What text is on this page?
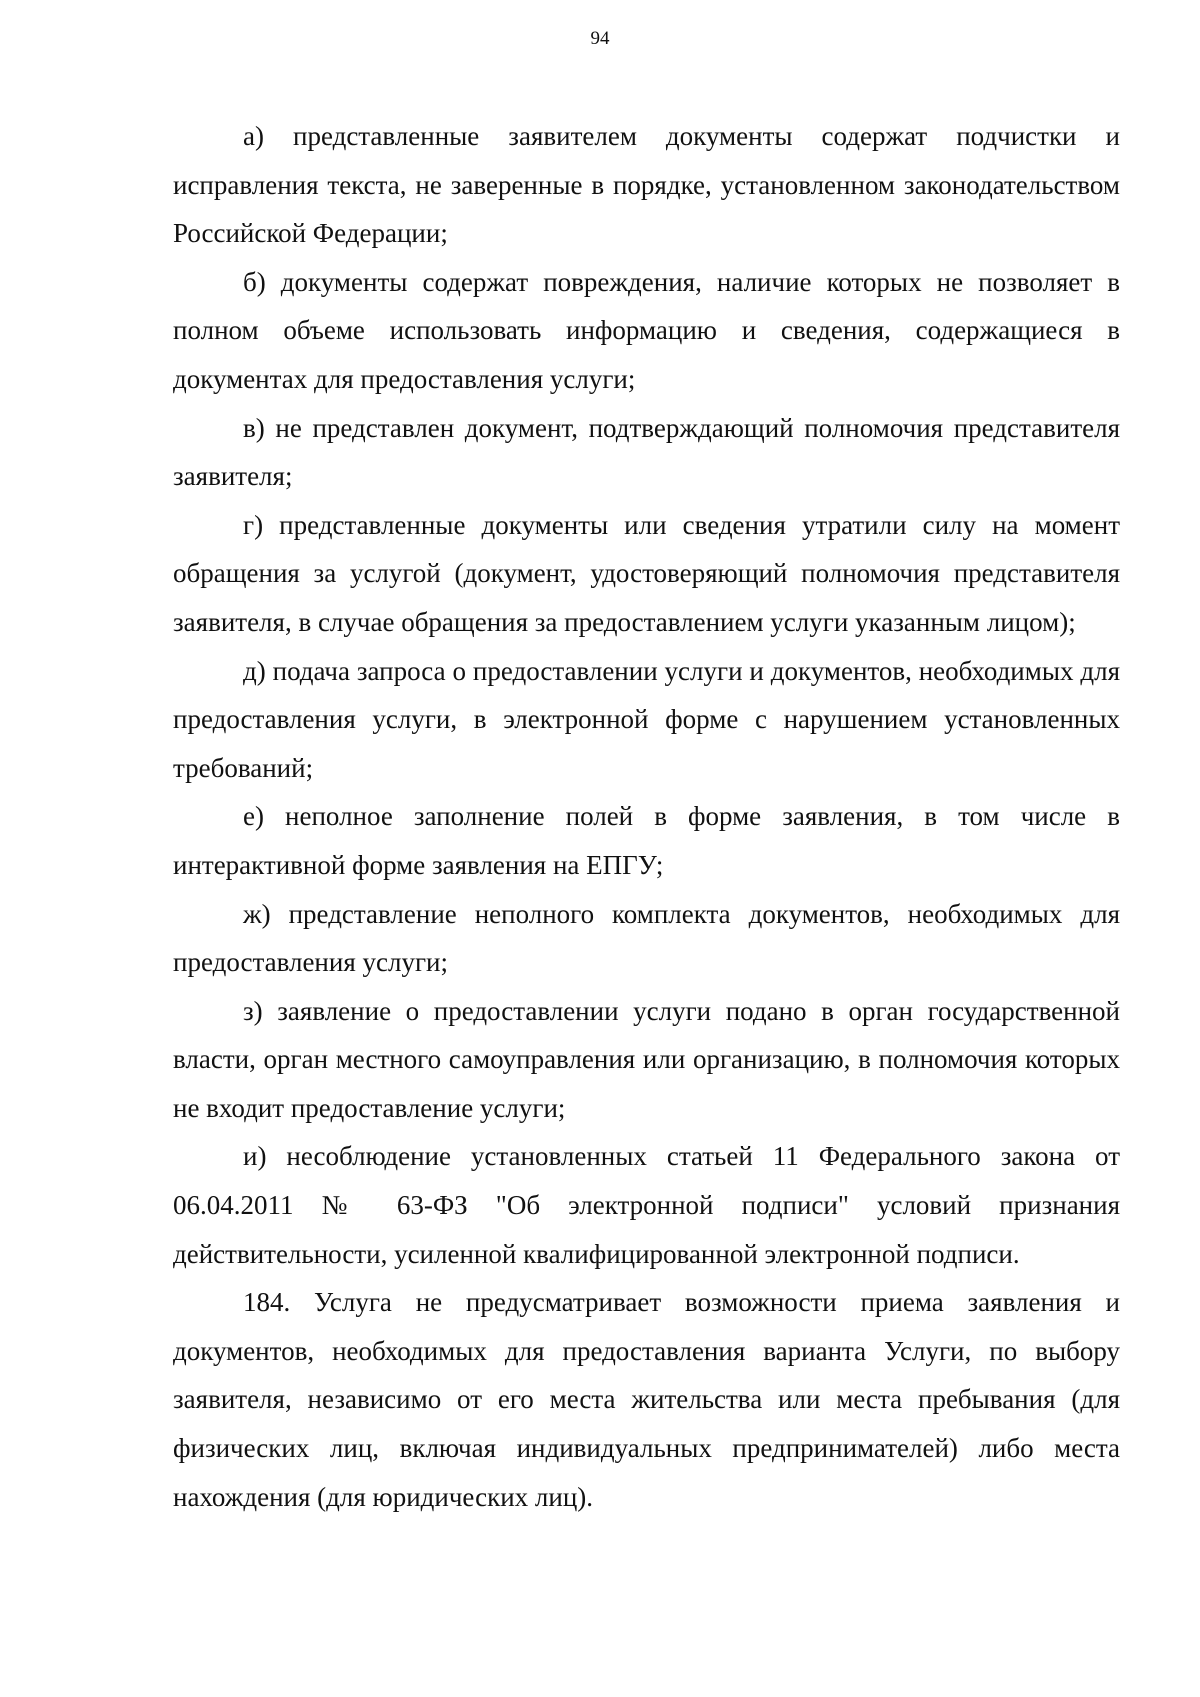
94

а) представленные заявителем документы содержат подчистки и исправления текста, не заверенные в порядке, установленном законодательством Российской Федерации;

б) документы содержат повреждения, наличие которых не позволяет в полном объеме использовать информацию и сведения, содержащиеся в документах для предоставления услуги;

в) не представлен документ, подтверждающий полномочия представителя заявителя;

г) представленные документы или сведения утратили силу на момент обращения за услугой (документ, удостоверяющий полномочия представителя заявителя, в случае обращения за предоставлением услуги указанным лицом);

д) подача запроса о предоставлении услуги и документов, необходимых для предоставления услуги, в электронной форме с нарушением установленных требований;

е) неполное заполнение полей в форме заявления, в том числе в интерактивной форме заявления на ЕПГУ;

ж) представление неполного комплекта документов, необходимых для предоставления услуги;

з) заявление о предоставлении услуги подано в орган государственной власти, орган местного самоуправления или организацию, в полномочия которых не входит предоставление услуги;

и) несоблюдение установленных статьей 11 Федерального закона от 06.04.2011 № 63-ФЗ "Об электронной подписи" условий признания действительности, усиленной квалифицированной электронной подписи.

184. Услуга не предусматривает возможности приема заявления и документов, необходимых для предоставления варианта Услуги, по выбору заявителя, независимо от его места жительства или места пребывания (для физических лиц, включая индивидуальных предпринимателей) либо места нахождения (для юридических лиц).
